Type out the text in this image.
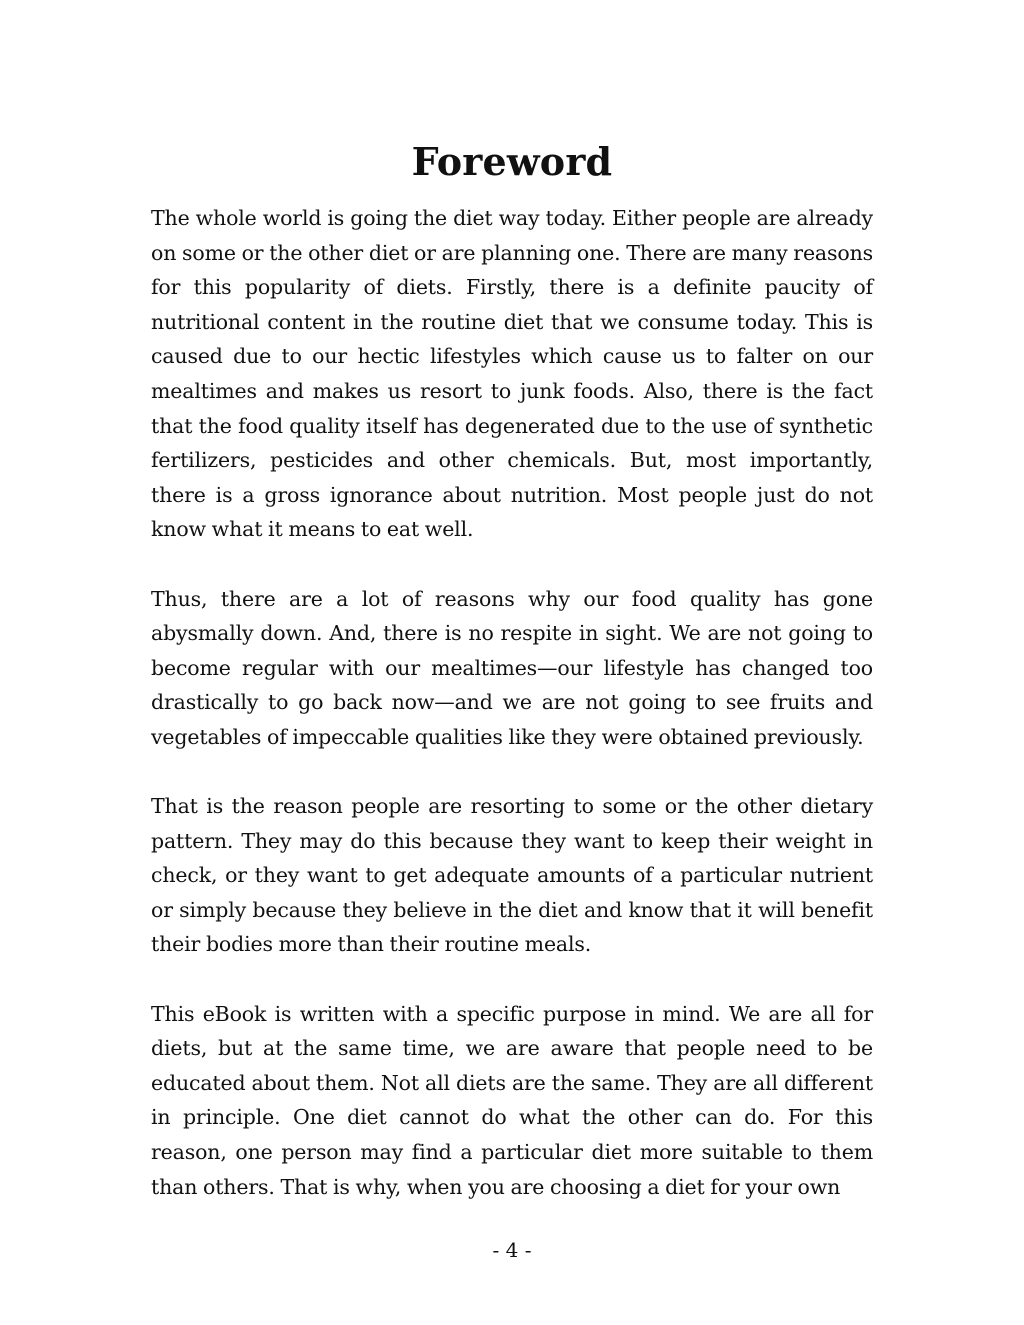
Foreword

The whole world is going the diet way today. Either people are already on some or the other diet or are planning one. There are many reasons for this popularity of diets. Firstly, there is a definite paucity of nutritional content in the routine diet that we consume today. This is caused due to our hectic lifestyles which cause us to falter on our mealtimes and makes us resort to junk foods. Also, there is the fact that the food quality itself has degenerated due to the use of synthetic fertilizers, pesticides and other chemicals. But, most importantly, there is a gross ignorance about nutrition. Most people just do not know what it means to eat well.

Thus, there are a lot of reasons why our food quality has gone abysmally down. And, there is no respite in sight. We are not going to become regular with our mealtimes—our lifestyle has changed too drastically to go back now—and we are not going to see fruits and vegetables of impeccable qualities like they were obtained previously.

That is the reason people are resorting to some or the other dietary pattern. They may do this because they want to keep their weight in check, or they want to get adequate amounts of a particular nutrient or simply because they believe in the diet and know that it will benefit their bodies more than their routine meals.

This eBook is written with a specific purpose in mind. We are all for diets, but at the same time, we are aware that people need to be educated about them. Not all diets are the same. They are all different in principle. One diet cannot do what the other can do. For this reason, one person may find a particular diet more suitable to them than others. That is why, when you are choosing a diet for your own

- 4 -
